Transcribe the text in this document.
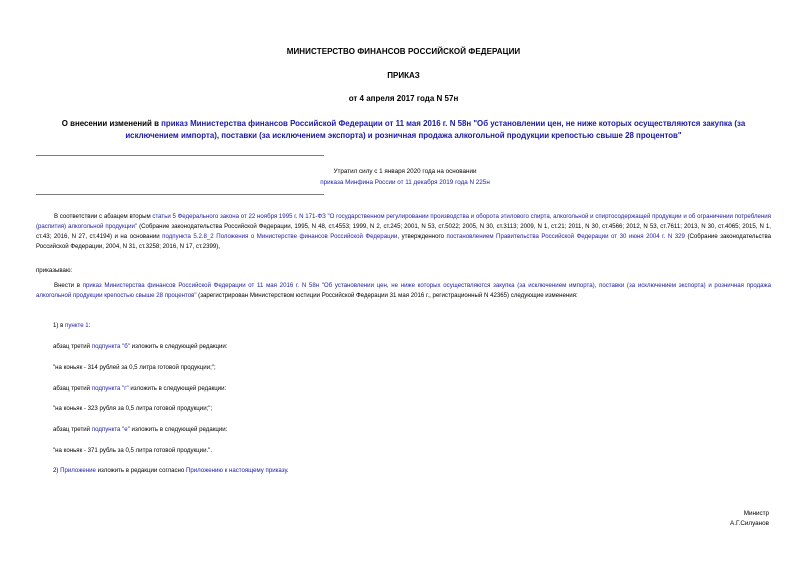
МИНИСТЕРСТВО ФИНАНСОВ РОССИЙСКОЙ ФЕДЕРАЦИИ
ПРИКАЗ
от 4 апреля 2017 года N 57н
О внесении изменений в приказ Министерства финансов Российской Федерации от 11 мая 2016 г. N 58н "Об установлении цен, не ниже которых осуществляются закупка (за исключением импорта), поставки (за исключением экспорта) и розничная продажа алкогольной продукции крепостью свыше 28 процентов"
Утратил силу с 1 января 2020 года на основании
приказа Минфина России от 11 декабря 2019 года N 225н
В соответствии с абзацем вторым статьи 5 Федерального закона от 22 ноября 1995 г. N 171-ФЗ "О государственном регулировании производства и оборота этилового спирта, алкогольной и спиртосодержащей продукции и об ограничении потребления (распития) алкогольной продукции" (Собрание законодательства Российской Федерации, 1995, N 48, ст.4553; 1999, N 2, ст.245; 2001, N 53, ст.5022; 2005, N 30, ст.3113; 2009, N 1, ст.21; 2011, N 30, ст.4566; 2012, N 53, ст.7611; 2013, N 30, ст.4065; 2015, N 1, ст.43; 2016, N 27, ст.4194) и на основании подпункта 5.2.8_2 Положения о Министерстве финансов Российской Федерации, утвержденного постановлением Правительства Российской Федерации от 30 июня 2004 г. N 329 (Собрание законодательства Российской Федерации, 2004, N 31, ст.3258; 2016, N 17, ст.2399),
приказываю:
Внести в приказ Министерства финансов Российской Федерации от 11 мая 2016 г. N 58н "Об установлении цен, не ниже которых осуществляются закупка (за исключением импорта), поставки (за исключением экспорта) и розничная продажа алкогольной продукции крепостью свыше 28 процентов" (зарегистрирован Министерством юстиции Российской Федерации 31 мая 2016 г., регистрационный N 42365) следующие изменения:
1) в пункте 1:
абзац третий подпункта "б" изложить в следующей редакции:
"на коньяк - 314 рублей за 0,5 литра готовой продукции;";
абзац третий подпункта "г" изложить в следующей редакции:
"на коньяк - 323 рубля за 0,5 литра готовой продукции;";
абзац третий подпункта "е" изложить в следующей редакции:
"на коньяк - 371 рубль за 0,5 литра готовой продукции.".
2) Приложение изложить в редакции согласно Приложению к настоящему приказу.
Министр
А.Г.Силуанов
